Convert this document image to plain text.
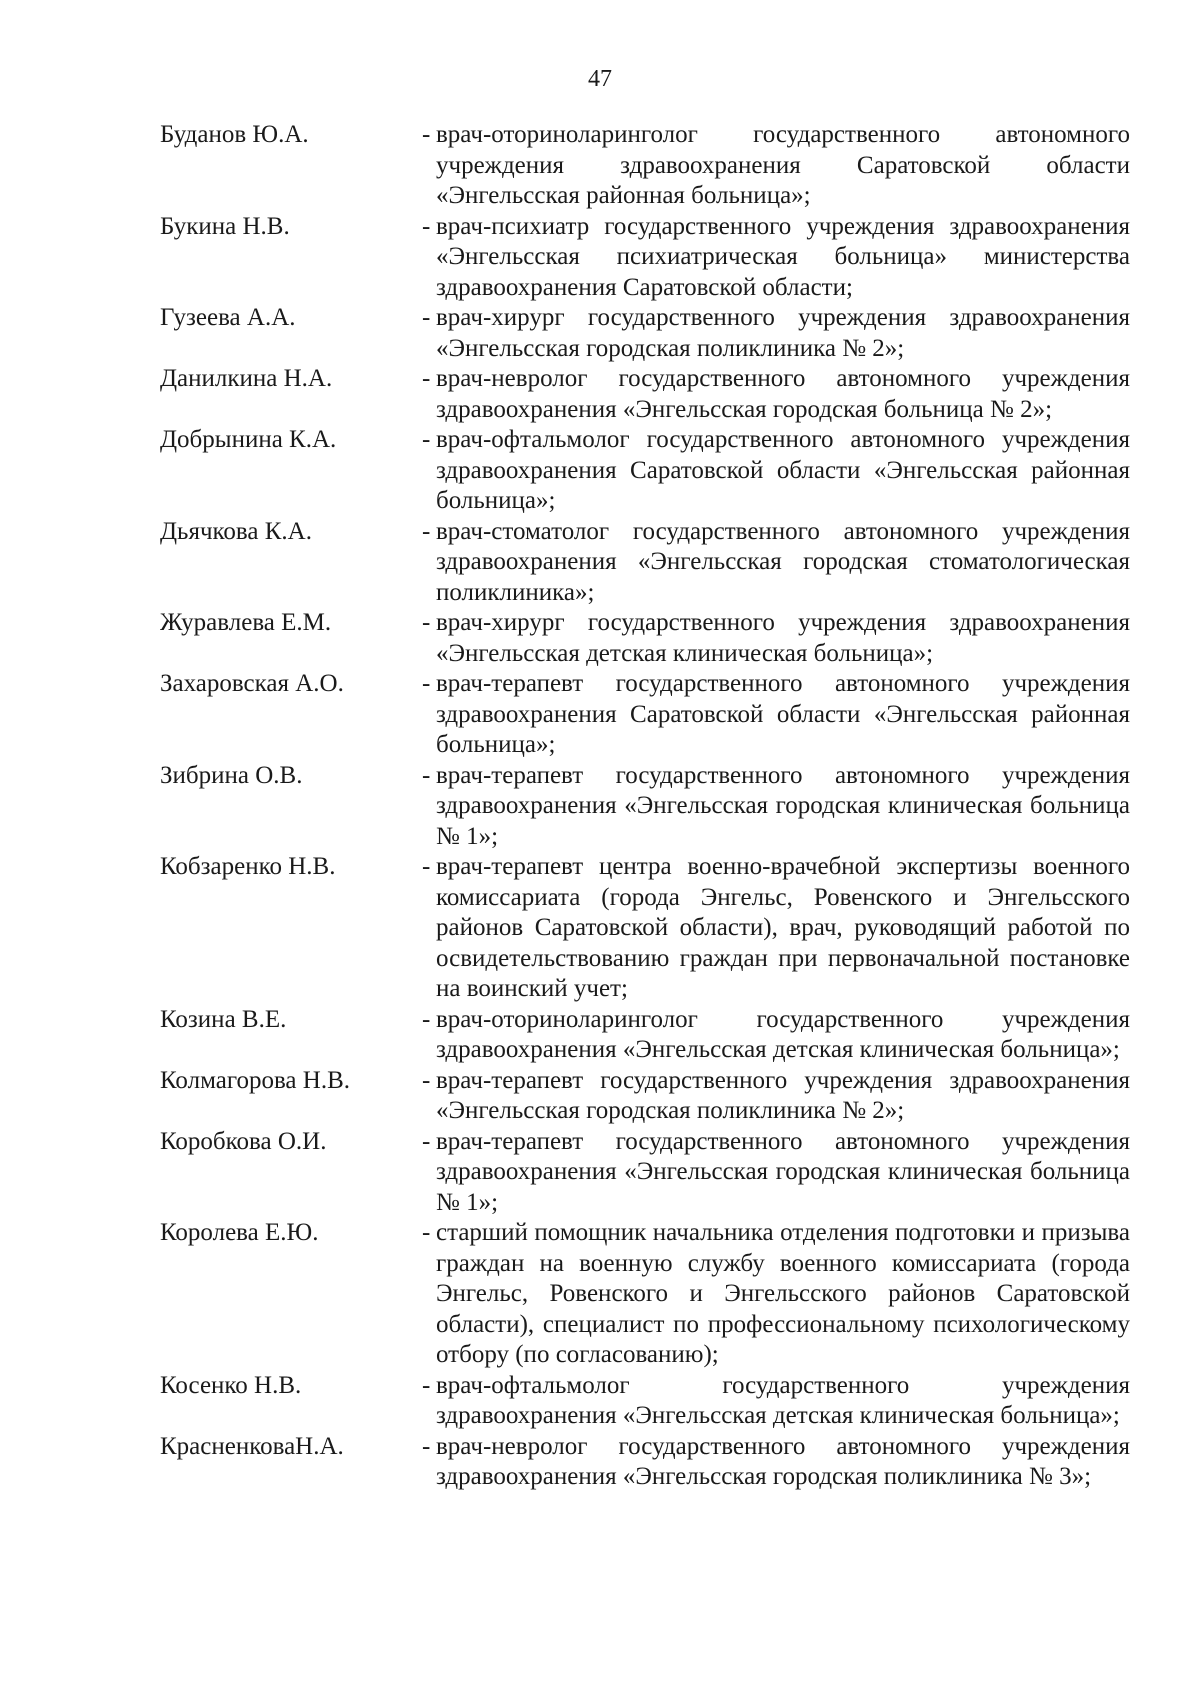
47
Буданов Ю.А.	- врач-оториноларинголог государственного автономного учреждения здравоохранения Саратовской области «Энгельсская районная больница»;
Букина Н.В.	- врач-психиатр государственного учреждения здравоохранения «Энгельсская психиатрическая больница» министерства здравоохранения Саратовской области;
Гузеева А.А.	- врач-хирург государственного учреждения здравоохранения «Энгельсская городская поликлиника № 2»;
Данилкина Н.А.	- врач-невролог государственного автономного учреждения здравоохранения «Энгельсская городская больница № 2»;
Добрынина К.А.	- врач-офтальмолог государственного автономного учреждения здравоохранения Саратовской области «Энгельсская районная больница»;
Дьячкова К.А.	- врач-стоматолог государственного автономного учреждения здравоохранения «Энгельсская городская стоматологическая поликлиника»;
Журавлева Е.М.	- врач-хирург государственного учреждения здравоохранения «Энгельсская детская клиническая больница»;
Захаровская А.О.	- врач-терапевт государственного автономного учреждения здравоохранения Саратовской области «Энгельсская районная больница»;
Зибрина О.В.	- врач-терапевт государственного автономного учреждения здравоохранения «Энгельсская городская клиническая больница № 1»;
Кобзаренко Н.В.	- врач-терапевт центра военно-врачебной экспертизы военного комиссариата (города Энгельс, Ровенского и Энгельсского районов Саратовской области), врач, руководящий работой по освидетельствованию граждан при первоначальной постановке на воинский учет;
Козина В.Е.	- врач-оториноларинголог государственного учреждения здравоохранения «Энгельсская детская клиническая больница»;
Колмагорова Н.В.	- врач-терапевт государственного учреждения здравоохранения «Энгельсская городская поликлиника № 2»;
Коробкова О.И.	- врач-терапевт государственного автономного учреждения здравоохранения «Энгельсская городская клиническая больница № 1»;
Королева Е.Ю.	- старший помощник начальника отделения подготовки и призыва граждан на военную службу военного комиссариата (города Энгельс, Ровенского и Энгельсского районов Саратовской области), специалист по профессиональному психологическому отбору (по согласованию);
Косенко Н.В.	- врач-офтальмолог государственного учреждения здравоохранения «Энгельсская детская клиническая больница»;
КрасненковаН.А.	- врач-невролог государственного автономного учреждения здравоохранения «Энгельсская городская поликлиника № 3»;
